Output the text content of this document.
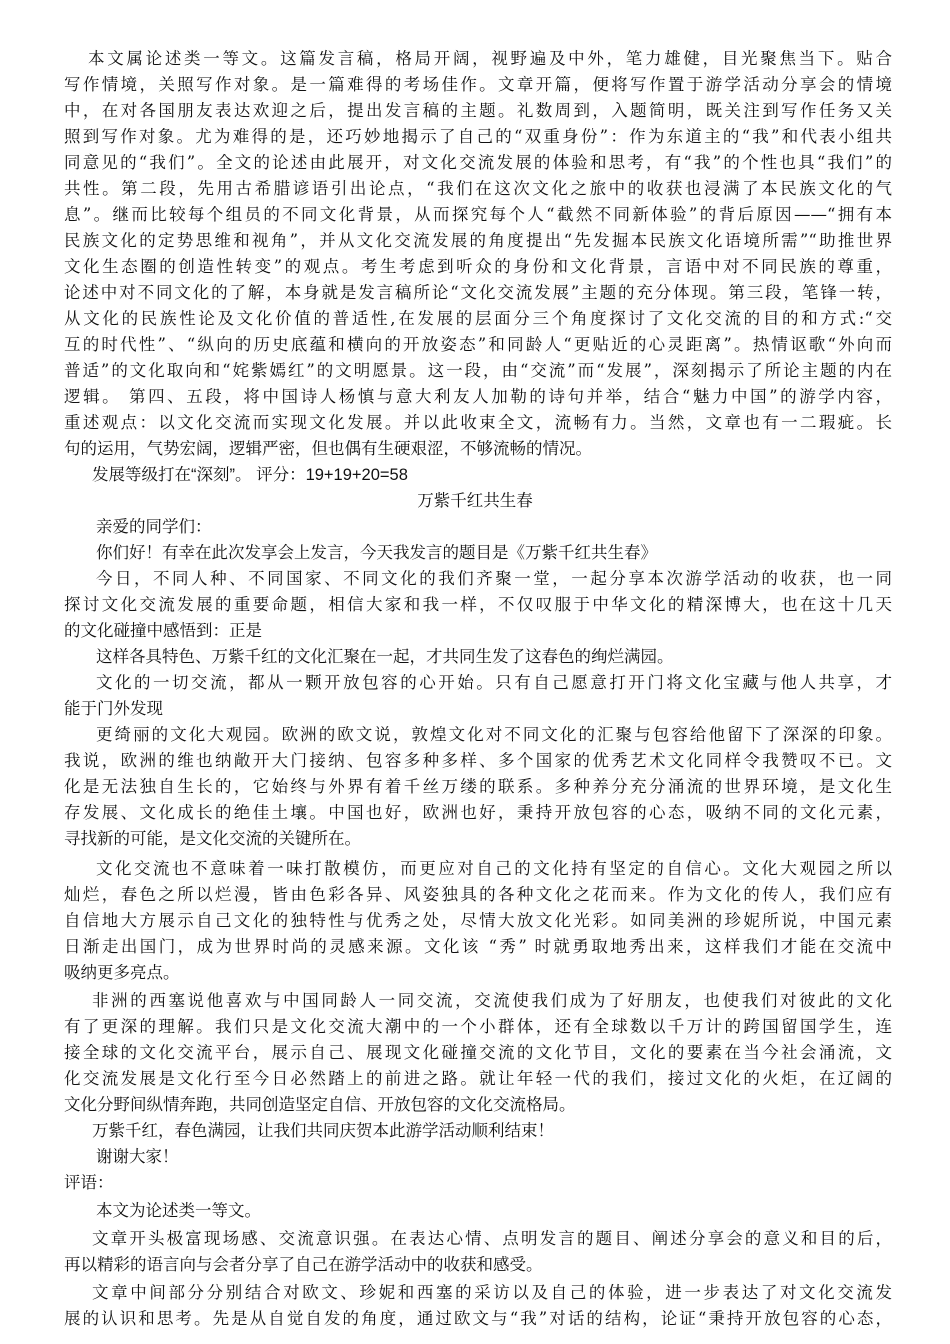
本文属论述类一等文。这篇发言稿，格局开阔，视野遍及中外，笔力雄健，目光聚焦当下。贴合
写作情境，关照写作对象。是一篇难得的考场佳作。文章开篇，便将写作置于游学活动分享会的情境
中，在对各国朋友表达欢迎之后，提出发言稿的主题。礼数周到，入题简明，既关注到写作任务又关
照到写作对象。尤为难得的是，还巧妙地揭示了自己的“双重身份”：作为东道主的“我”和代表小组共
同意见的“我们”。全文的论述由此展开，对文化交流发展的体验和思考，有“我”的个性也具“我们”的
共性。第二段，先用古希腊谚语引出论点，“我们在这次文化之旅中的收获也浸满了本民族文化的气
息”。继而比较每个组员的不同文化背景，从而探究每个人“截然不同新体验”的背后原因——“拥有本
民族文化的定势思维和视角”，并从文化交流发展的角度提出“先发掘本民族文化语境所需”“助推世界
文化生态圈的创造性转变”的观点。考生考虑到听众的身份和文化背景，言语中对不同民族的尊重，
论述中对不同文化的了解，本身就是发言稿所论“文化交流发展”主题的充分体现。第三段，笔锋一转，
从文化的民族性论及文化价值的普适性,在发展的层面分三个角度探讨了文化交流的目的和方式:“交
互的时代性”、“纵向的历史底蕴和横向的开放姿态”和同龄人“更贴近的心灵距离”。热情讴歌“外向而
普适”的文化取向和“姹紫嫣红”的文明愿景。这一段，由“交流”而“发展”，深刻揭示了所论主题的内在
逻辑。 第四、五段，将中国诗人杨慎与意大利友人加勒的诗句并举，结合“魅力中国”的游学内容，
重述观点：以文化交流而实现文化发展。并以此收束全文，流畅有力。当然，文章也有一二瑕疵。长
句的运用，气势宏阔，逻辑严密，但也偶有生硬艰涩，不够流畅的情况。
发展等级打在“深刻”。 评分：19+19+20=58
万紫千红共生春
亲爱的同学们：
你们好！有幸在此次发享会上发言，今天我发言的题目是《万紫千红共生春》
今日，不同人种、不同国家、不同文化的我们齐聚一堂，一起分享本次游学活动的收获，也一同
探讨文化交流发展的重要命题，相信大家和我一样，不仅叹服于中华文化的精深博大，也在这十几天
的文化碰撞中感悟到：正是
这样各具特色、万紫千红的文化汇聚在一起，才共同生发了这春色的绚烂满园。
文化的一切交流，都从一颗开放包容的心开始。只有自己愿意打开门将文化宝藏与他人共享，才
能于门外发现
更绮丽的文化大观园。欧洲的欧文说，敦煌文化对不同文化的汇聚与包容给他留下了深深的印象。
我说，欧洲的维也纳敞开大门接纳、包容多种多样、多个国家的优秀艺术文化同样令我赞叹不已。文
化是无法独自生长的，它始终与外界有着千丝万缕的联系。多种养分充分涌流的世界环境，是文化生
存发展、文化成长的绝佳土壤。中国也好，欧洲也好，秉持开放包容的心态，吸纳不同的文化元素，
寻找新的可能，是文化交流的关键所在。
文化交流也不意味着一味打散模仿，而更应对自己的文化持有坚定的自信心。文化大观园之所以
灿烂，春色之所以烂漫，皆由色彩各异、风姿独具的各种文化之花而来。作为文化的传人，我们应有
自信地大方展示自己文化的独特性与优秀之处，尽情大放文化光彩。如同美洲的珍妮所说，中国元素
日渐走出国门，成为世界时尚的灵感来源。文化该 “秀” 时就勇取地秀出来，这样我们才能在交流中
吸纳更多亮点。
非洲的西塞说他喜欢与中国同龄人一同交流，交流使我们成为了好朋友，也使我们对彼此的文化
有了更深的理解。我们只是文化交流大潮中的一个小群体，还有全球数以千万计的跨国留国学生，连
接全球的文化交流平台，展示自己、展现文化碰撞交流的文化节目，文化的要素在当今社会涌流，文
化交流发展是文化行至今日必然踏上的前进之路。就让年轻一代的我们，接过文化的火炬，在辽阔的
文化分野间纵情奔跑，共同创造坚定自信、开放包容的文化交流格局。
万紫千红，春色满园，让我们共同庆贺本此游学活动顺利结束！
谢谢大家！
评语：
本文为论述类一等文。
文章开头极富现场感、交流意识强。在表达心情、点明发言的题目、阐述分享会的意义和目的后，
再以精彩的语言向与会者分享了自己在游学活动中的收获和感受。
文章中间部分分别结合对欧文、珍妮和西塞的采访以及自己的体验，进一步表达了对文化交流发
展的认识和思考。先是从自觉自发的角度，通过欧文与“我”对话的结构，论证“秉持开放包容的心态，
